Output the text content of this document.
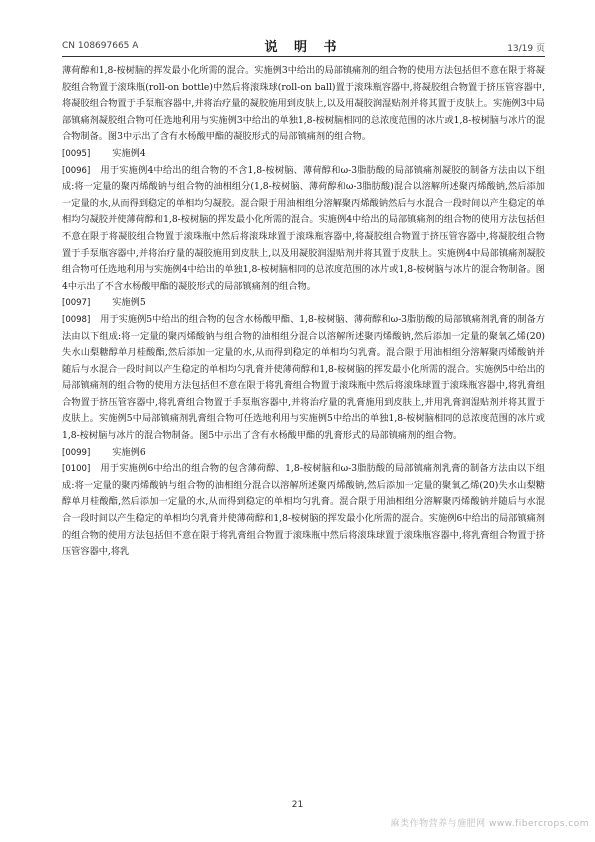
CN 108697665 A	说 明 书	13/19 页

薄荷醇和1,8-桉树脑的挥发最小化所需的混合。实施例3中给出的局部镇痛剂的组合物的使用方法包括但不意在限于将凝胶组合物置于滚珠瓶(roll-on bottle)中然后将滚珠球(roll-on ball)置于滚珠瓶容器中,将凝胶组合物置于挤压管容器中,将凝胶组合物置于手泵瓶容器中,并将治疗量的凝胶施用到皮肤上,以及用凝胶润湿贴剂并将其置于皮肤上。实施例3中局部镇痛剂凝胶组合物可任选地利用与实施例3中给出的单独1,8-桉树脑相同的总浓度范围的冰片或1,8-桉树脑与冰片的混合物制备。图3中示出了含有水杨酸甲酯的凝胶形式的局部镇痛剂的组合物。

[0095] 实施例4

[0096] 用于实施例4中给出的组合物的不含1,8-桉树脑、薄荷醇和ω-3脂肪酸的局部镇痛剂凝胶的制备方法由以下组成:将一定量的聚丙烯酸钠与组合物的油相组分(1,8-桉树脑、薄荷醇和ω-3脂肪酸)混合以溶解所述聚丙烯酸钠,然后添加一定量的水,从而得到稳定的单相均匀凝胶。混合限于用油相组分溶解聚丙烯酸钠然后与水混合一段时间以产生稳定的单相均匀凝胶并使薄荷醇和1,8-桉树脑的挥发最小化所需的混合。实施例4中给出的局部镇痛剂的组合物的使用方法包括但不意在限于将凝胶组合物置于滚珠瓶中然后将滚珠球置于滚珠瓶容器中,将凝胶组合物置于挤压管容器中,将凝胶组合物置于手泵瓶容器中,并将治疗量的凝胶施用到皮肤上,以及用凝胶润湿贴剂并将其置于皮肤上。实施例4中局部镇痛剂凝胶组合物可任选地利用与实施例4中给出的单独1,8-桉树脑相同的总浓度范围的冰片或1,8-桉树脑与冰片的混合物制备。图4中示出了不含水杨酸甲酯的凝胶形式的局部镇痛剂的组合物。

[0097] 实施例5

[0098] 用于实施例5中给出的组合物的包含水杨酸甲酯、1,8-桉树脑、薄荷醇和ω-3脂肪酸的局部镇痛剂乳膏的制备方法由以下组成:将一定量的聚丙烯酸钠与组合物的油相组分混合以溶解所述聚丙烯酸钠,然后添加一定量的聚氧乙烯(20)失水山梨糖醇单月桂酸酯,然后添加一定量的水,从而得到稳定的单相均匀乳膏。混合限于用油相组分溶解聚丙烯酸钠并随后与水混合一段时间以产生稳定的单相均匀乳膏并使薄荷醇和1,8-桉树脑的挥发最小化所需的混合。实施例5中给出的局部镇痛剂的组合物的使用方法包括但不意在限于将乳膏组合物置于滚珠瓶中然后将滚珠球置于滚珠瓶容器中,将乳膏组合物置于挤压管容器中,将乳膏组合物置于手泵瓶容器中,并将治疗量的乳膏施用到皮肤上,并用乳膏润湿贴剂并将其置于皮肤上。实施例5中局部镇痛剂乳膏组合物可任选地利用与实施例5中给出的单独1,8-桉树脑相同的总浓度范围的冰片或1,8-桉树脑与冰片的混合物制备。图5中示出了含有水杨酸甲酯的乳膏形式的局部镇痛剂的组合物。

[0099] 实施例6

[0100] 用于实施例6中给出的组合物的包含薄荷醇、1,8-桉树脑和ω-3脂肪酸的局部镇痛剂乳膏的制备方法由以下组成:将一定量的聚丙烯酸钠与组合物的油相组分混合以溶解所述聚丙烯酸钠,然后添加一定量的聚氧乙烯(20)失水山梨糖醇单月桂酸酯,然后添加一定量的水,从而得到稳定的单相均匀乳膏。混合限于用油相组分溶解聚丙烯酸钠并随后与水混合一段时间以产生稳定的单相均匀乳膏并使薄荷醇和1,8-桉树脑的挥发最小化所需的混合。实施例6中给出的局部镇痛剂的组合物的使用方法包括但不意在限于将乳膏组合物置于滚珠瓶中然后将滚珠球置于滚珠瓶容器中,将乳膏组合物置于挤压管容器中,将乳

21
麻类作物营养与施肥网 www.fibercrops.com
